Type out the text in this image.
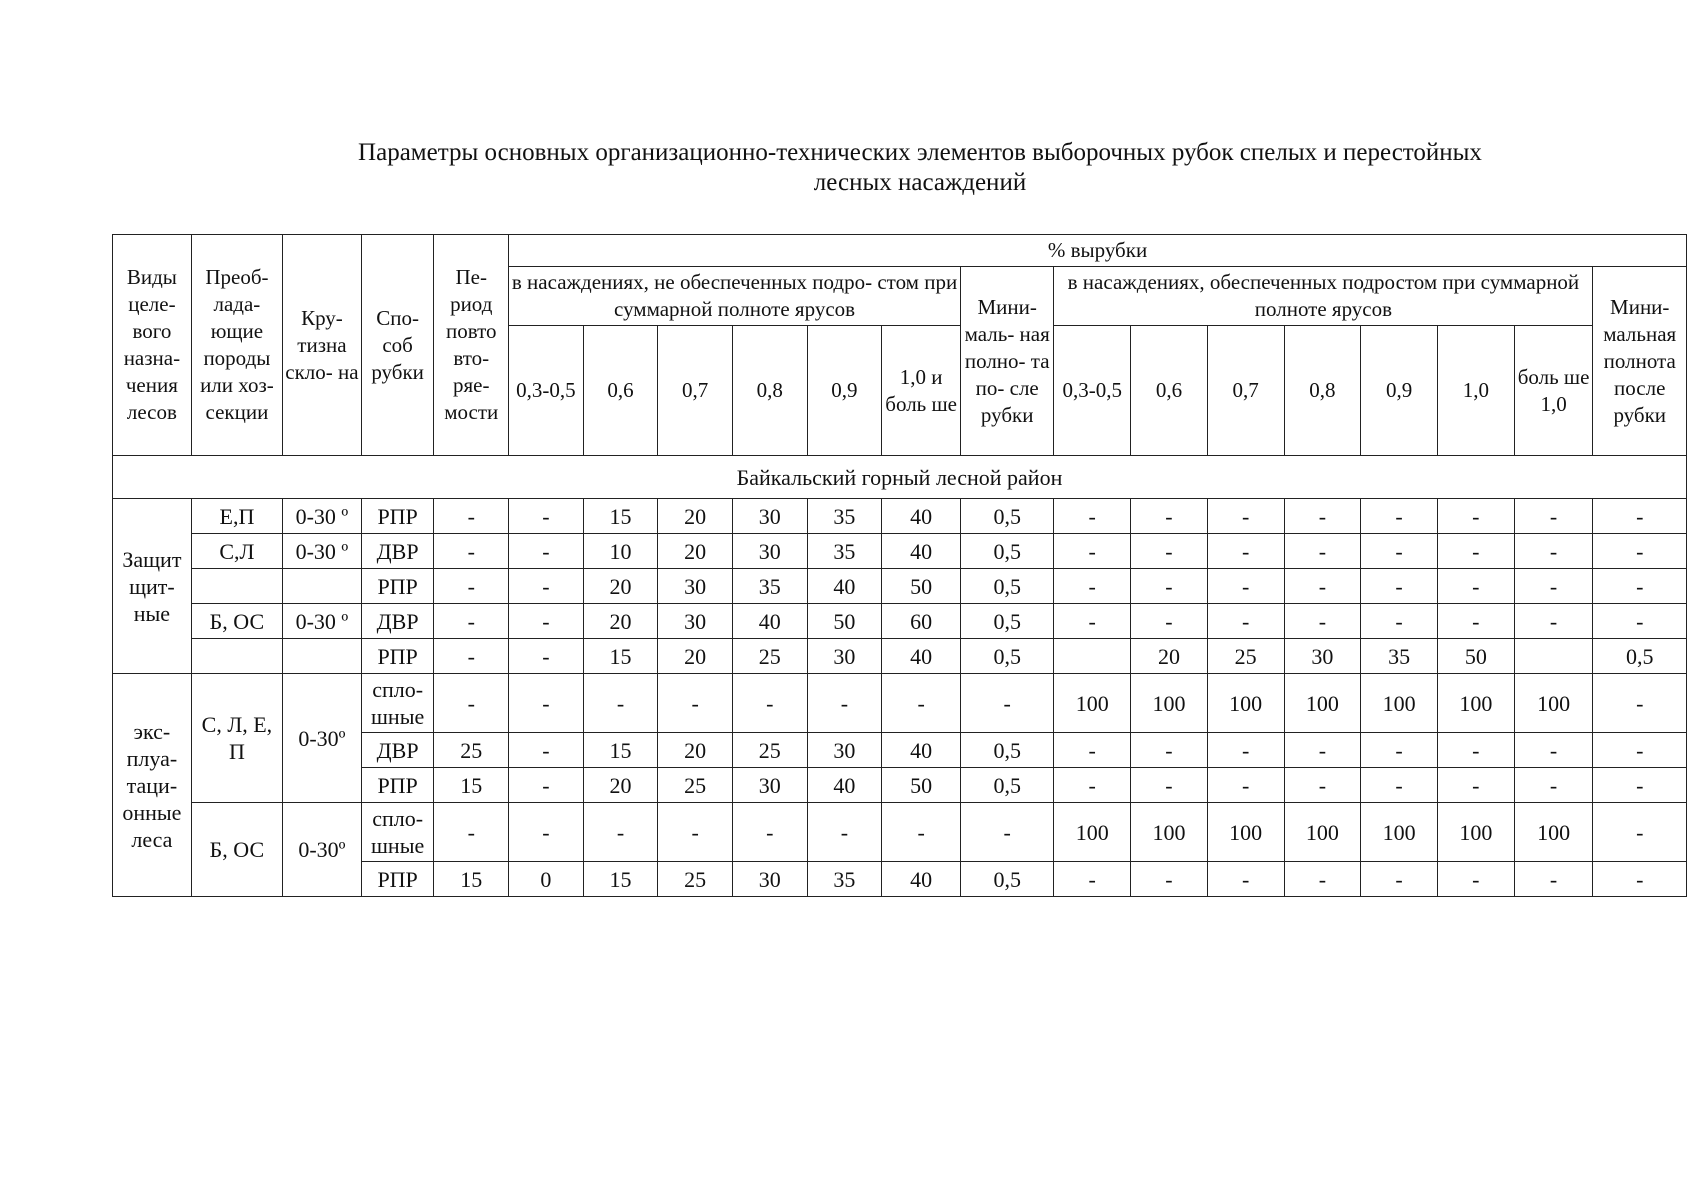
Параметры основных организационно-технических элементов выборочных рубок спелых и перестойных
лесных насаждений
Виды целе- вого назна- чения лесов	Преоб- лада- ющие породы или хоз- секции	Кру- тизна скло- на	Спо- соб рубки	Пе- риод повто вто- ряе- мости	% вырубки														
					в насаждениях, не обеспеченных подро- стом при суммарной полноте ярусов						Мини- маль- ная полно- та по- сле рубки	в насаждениях, обеспеченных подростом при суммарной полноте ярусов							Мини- мальная полнота после рубки
					0,3-0,5	0,6	0,7	0,8	0,9	1,0 и боль ше		0,3-0,5	0,6	0,7	0,8	0,9	1,0	боль ше 1,0	
Байкальский горный лесной район																			
Защит щит- ные	Е,П	0-30 º	РПР	-	-	15	20	30	35	40	0,5	-	-	-	-	-	-	-	-
	С,Л	0-30 º	ДВР	-	-	10	20	30	35	40	0,5	-	-	-	-	-	-	-	-
			РПР	-	-	20	30	35	40	50	0,5	-	-	-	-	-	-	-	-
	Б, ОС	0-30 º	ДВР	-	-	20	30	40	50	60	0,5	-	-	-	-	-	-	-	-
			РПР	-	-	15	20	25	30	40	0,5		20	25	30	35	50		0,5
экс- плуа- таци- онные леса	С, Л, Е, П	0-30º	спло- шные	-	-	-	-	-	-	-	-	100	100	100	100	100	100	100	-
			ДВР	25	-	15	20	25	30	40	0,5	-	-	-	-	-	-	-	-
			РПР	15	-	20	25	30	40	50	0,5	-	-	-	-	-	-	-	-
	Б, ОС	0-30º	спло- шные	-	-	-	-	-	-	-	-	100	100	100	100	100	100	100	-
			РПР	15	0	15	25	30	35	40	0,5	-	-	-	-	-	-	-	-
